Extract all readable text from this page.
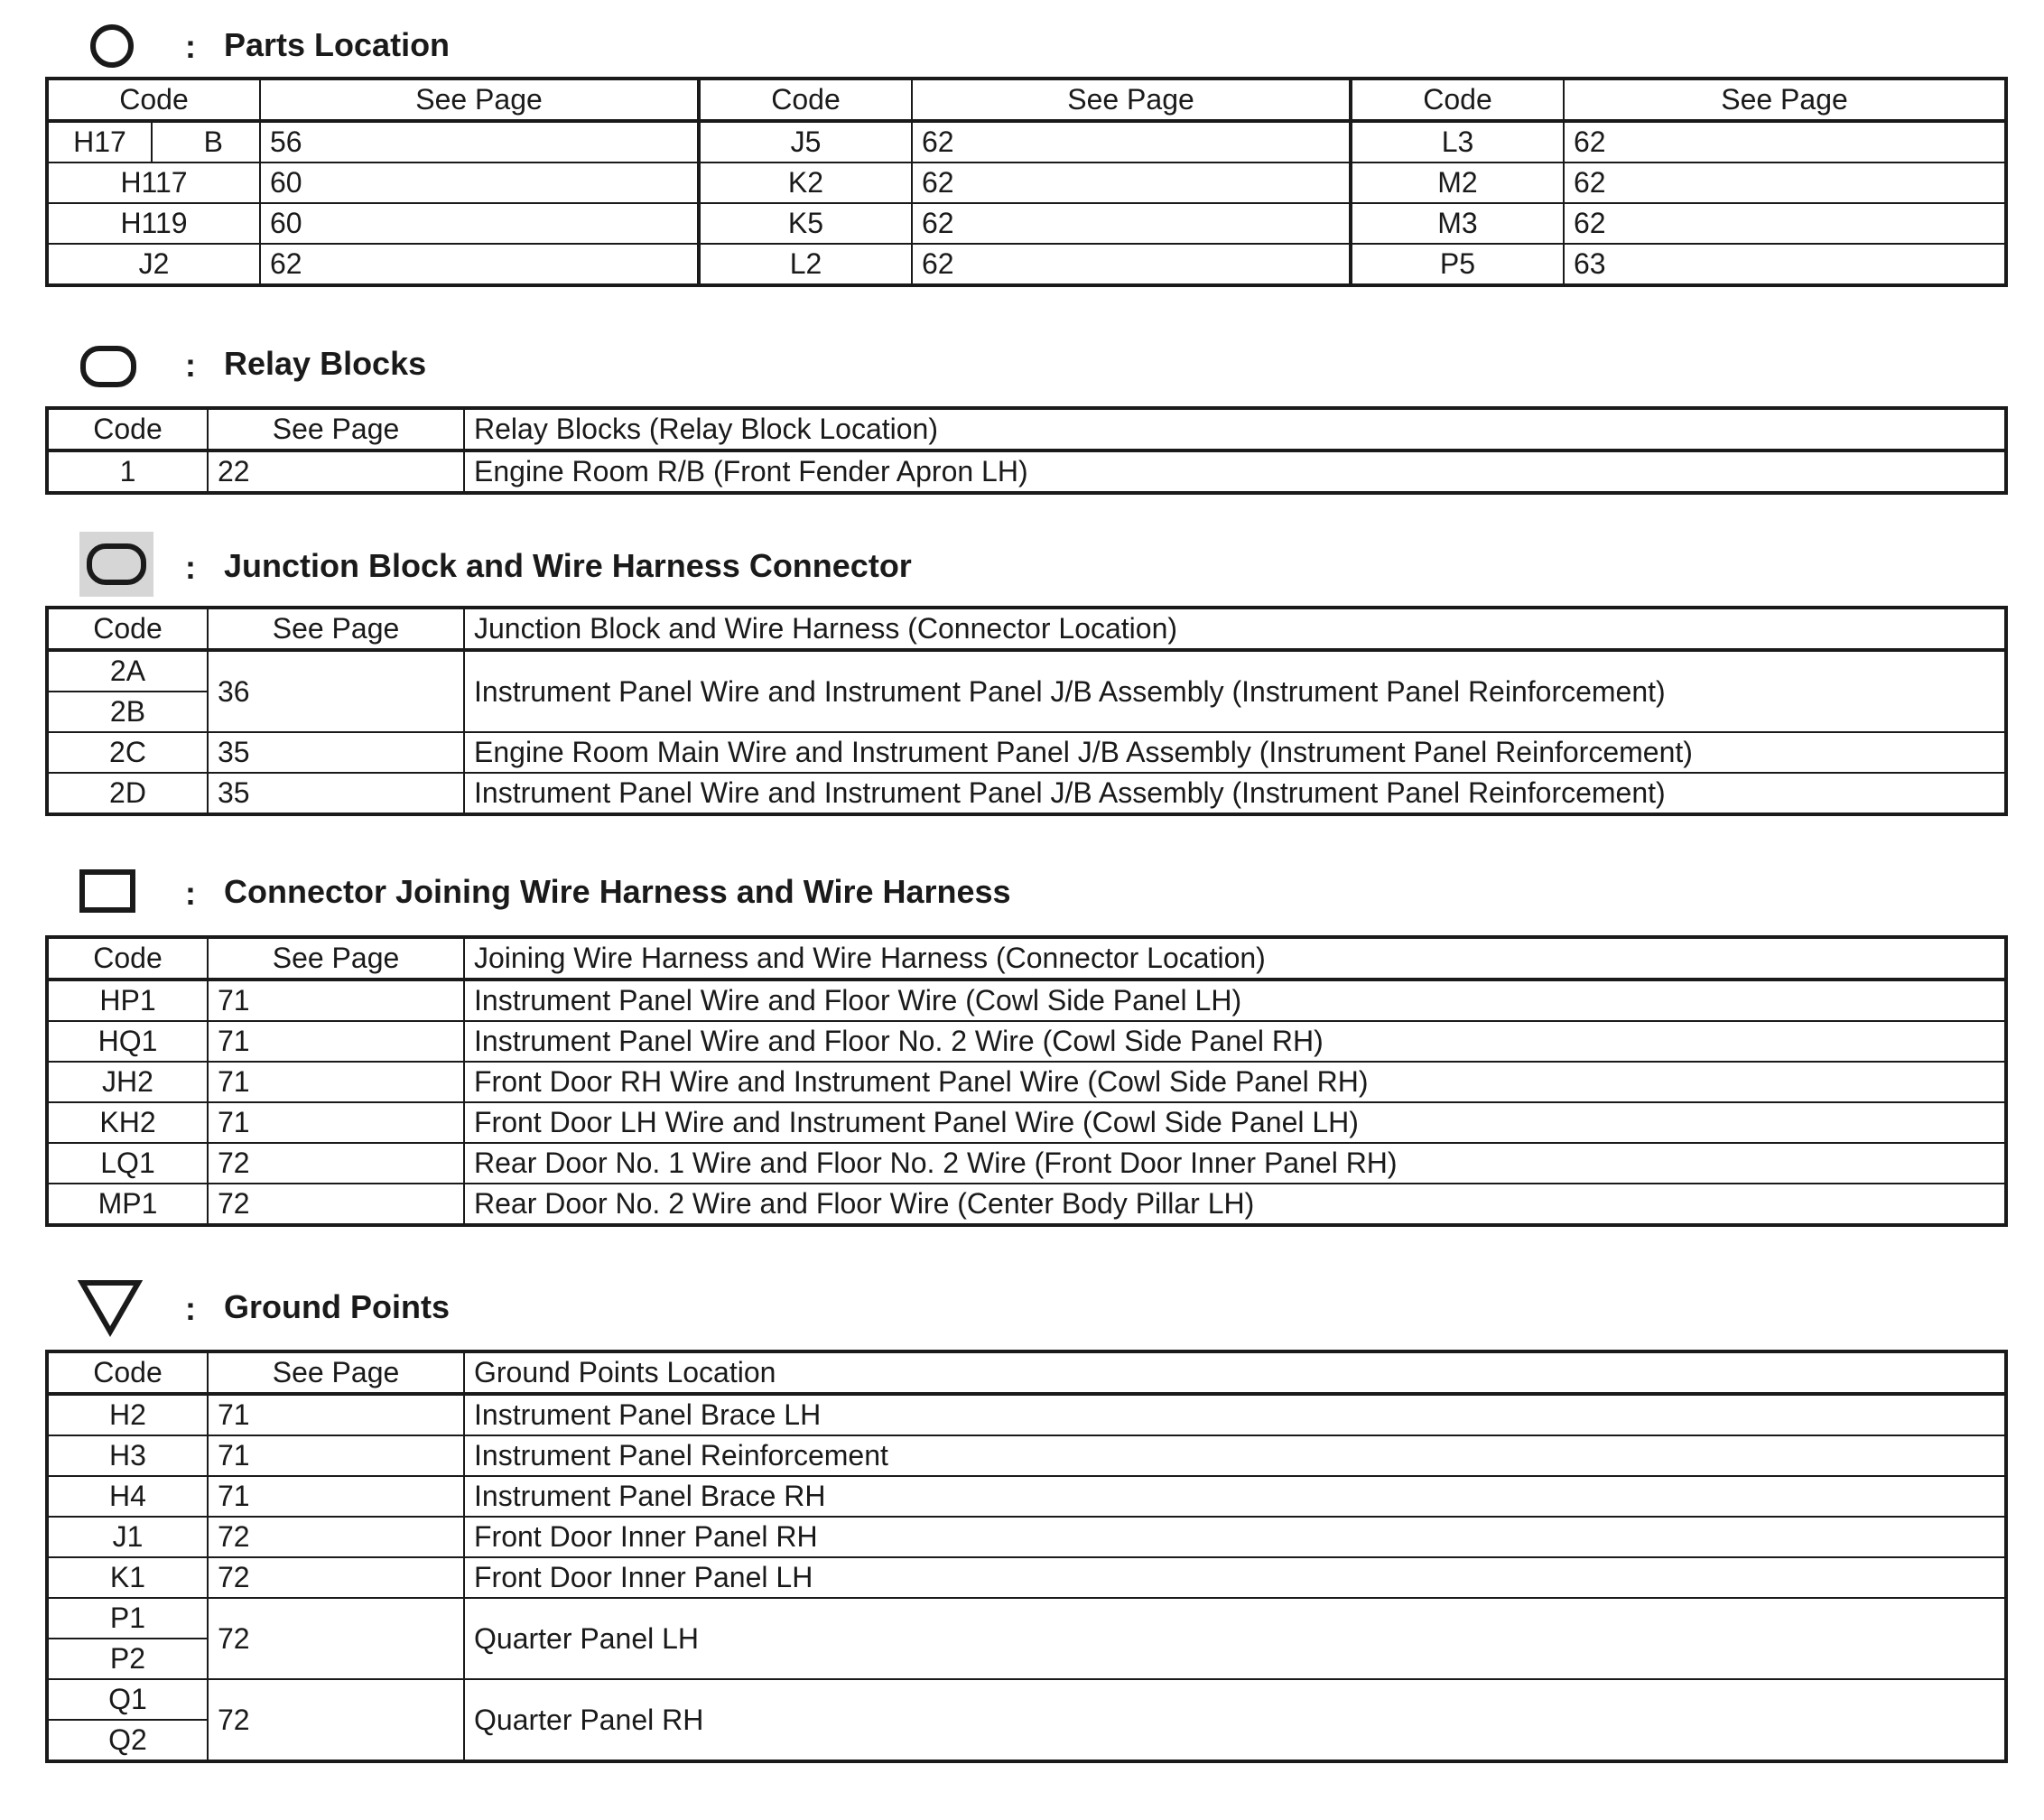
: Parts Location
Code		See Page	Code	See Page	Code	See Page
H17	B	56	J5	62	L3	62
H117		60	K2	62	M2	62
H119		60	K5	62	M3	62
J2		62	L2	62	P5	63
: Relay Blocks
Code	See Page	Relay Blocks (Relay Block Location)
1	22	Engine Room R/B (Front Fender Apron LH)
: Junction Block and Wire Harness Connector
Code	See Page	Junction Block and Wire Harness (Connector Location)
2A	36	Instrument Panel Wire and Instrument Panel J/B Assembly (Instrument Panel Reinforcement)
2B		
2C	35	Engine Room Main Wire and Instrument Panel J/B Assembly (Instrument Panel Reinforcement)
2D	35	Instrument Panel Wire and Instrument Panel J/B Assembly (Instrument Panel Reinforcement)
: Connector Joining Wire Harness and Wire Harness
Code	See Page	Joining Wire Harness and Wire Harness (Connector Location)
HP1	71	Instrument Panel Wire and Floor Wire (Cowl Side Panel LH)
HQ1	71	Instrument Panel Wire and Floor No. 2 Wire (Cowl Side Panel RH)
JH2	71	Front Door RH Wire and Instrument Panel Wire (Cowl Side Panel RH)
KH2	71	Front Door LH Wire and Instrument Panel Wire (Cowl Side Panel LH)
LQ1	72	Rear Door No. 1 Wire and Floor No. 2 Wire (Front Door Inner Panel RH)
MP1	72	Rear Door No. 2 Wire and Floor Wire (Center Body Pillar LH)
: Ground Points
Code	See Page	Ground Points Location
H2	71	Instrument Panel Brace LH
H3	71	Instrument Panel Reinforcement
H4	71	Instrument Panel Brace RH
J1	72	Front Door Inner Panel RH
K1	72	Front Door Inner Panel LH
P1	72	Quarter Panel LH
P2		
Q1	72	Quarter Panel RH
Q2		
